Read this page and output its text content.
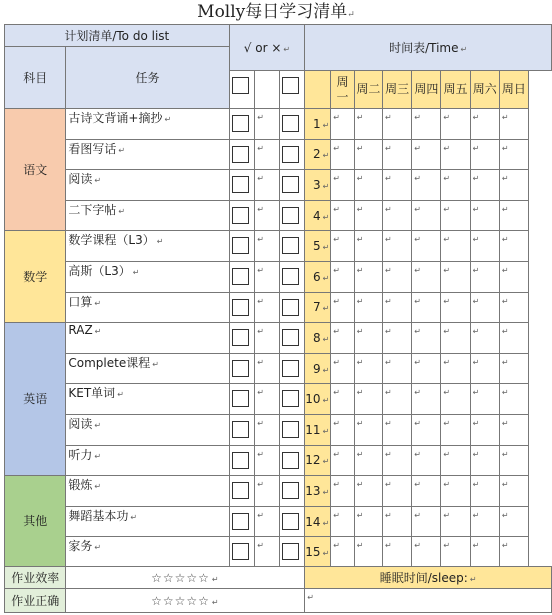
Molly每日学习清单↵
计划清单/To do list		√ or × ↵			时间表/Time ↵							
科目	任务											
						周一	周二	周三	周四	周五	周六	周日
语文	古诗文背诵+摘抄 ↵		↵		1 ↵	↵	↵	↵	↵	↵	↵	↵
	看图写话 ↵		↵		2 ↵	↵	↵	↵	↵	↵	↵	↵
	阅读 ↵		↵		3 ↵	↵	↵	↵	↵	↵	↵	↵
	二下字帖 ↵		↵		4 ↵	↵	↵	↵	↵	↵	↵	↵
数学	数学课程（L3） ↵		↵		5 ↵	↵	↵	↵	↵	↵	↵	↵
	高斯（L3） ↵		↵		6 ↵	↵	↵	↵	↵	↵	↵	↵
	口算 ↵		↵		7 ↵	↵	↵	↵	↵	↵	↵	↵
英语	RAZ ↵		↵		8 ↵	↵	↵	↵	↵	↵	↵	↵
	Complete课程 ↵		↵		9 ↵	↵	↵	↵	↵	↵	↵	↵
	KET单词 ↵		↵		10 ↵	↵	↵	↵	↵	↵	↵	↵
	阅读 ↵		↵		11 ↵	↵	↵	↵	↵	↵	↵	↵
	听力 ↵		↵		12 ↵	↵	↵	↵	↵	↵	↵	↵
其他	锻炼 ↵		↵		13 ↵	↵	↵	↵	↵	↵	↵	↵
	舞蹈基本功 ↵		↵		14 ↵	↵	↵	↵	↵	↵	↵	↵
	家务 ↵		↵		15 ↵	↵	↵	↵	↵	↵	↵	↵
作业效率	☆☆☆☆☆ ↵				睡眠时间/sleep: ↵							
作业正确	☆☆☆☆☆ ↵				↵							
